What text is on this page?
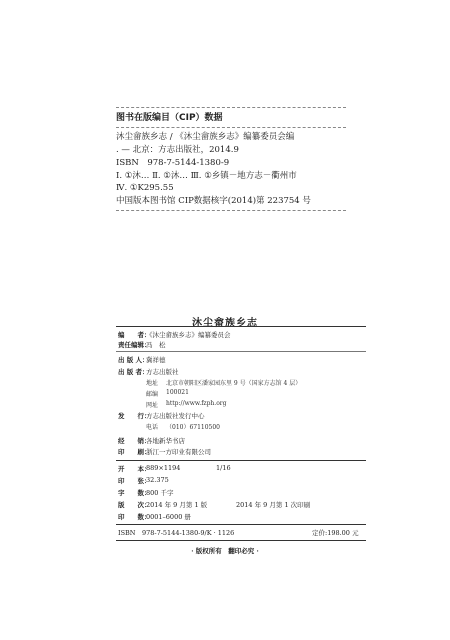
图书在版编目（CIP）数据
沐尘畲族乡志 / 《沐尘畲族乡志》编纂委员会编
. — 北京：方志出版社，2014.9
ISBN　978-7-5144-1380-9
Ⅰ. ①沐… Ⅱ. ①沐… Ⅲ. ①乡镇－地方志－衢州市
Ⅳ. ①K295.55
中国版本图书馆 CIP数据核字(2014)第 223754 号
沐尘畲族乡志
编　　者：
《沐尘畲族乡志》编纂委员会
责任编辑：
冯　松
出 版 人：
冀祥德
出 版 者：
方志出版社
地址 北京市朝阳区潘家园东里 9 号（国家方志馆 4 层）
邮编 100021
网址 http://www.fzph.org
发　　行：
方志出版社发行中心
电话 （010）67110500
经　　销：
各地新华书店
印　　刷：
浙江一方印业有限公司
开　　本：
889×1194	1/16
印　　张：
32.375
字　　数：
800 千字
版　　次：
2014 年 9 月第 1 版	2014 年 9 月第 1 次印刷
印　　数：
0001–6000 册
ISBN　978-7-5144-1380-9/K · 1126	定价:198.00 元
· 版权所有　翻印必究 ·
